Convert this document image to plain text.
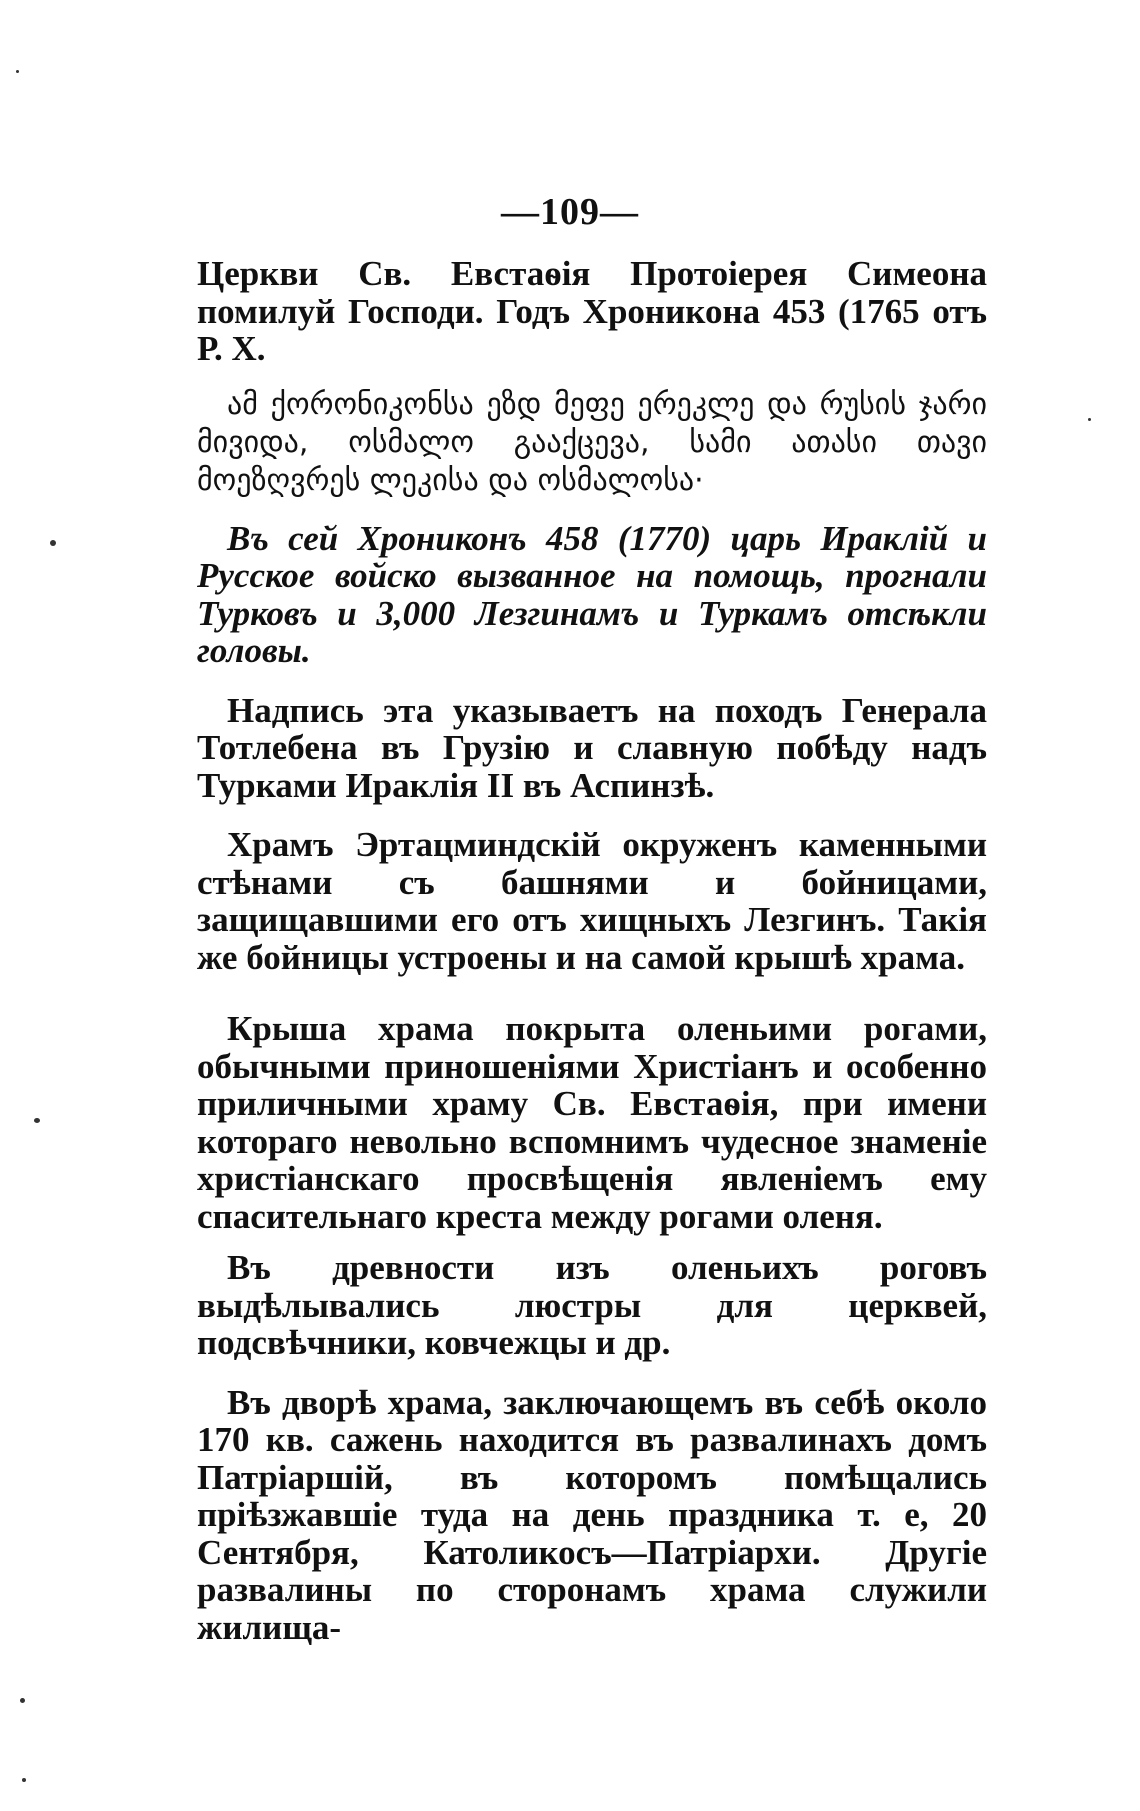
—109—

Церкви Св. Евстаѳія Протоіерея Симеона помилуй Господи. Годъ Хроникона 453 (1765 отъ Р. Х.

ამ ქორონიკონსა ეზდ მეფე ერეკლე და რუსის ჯარი მივიდა, ოსმალო გააქცევა, სამი ათასი თავი მოეზღვრეს ლეკისა და ოსმალოსა·

Въ сей Хрониконъ 458 (1770) царь Ираклій и Русское войско вызванное на помощь, прогнали Турковъ и 3,000 Лезгинамъ и Туркамъ отсѣкли головы.

Надпись эта указываетъ на походъ Генерала Тотлебена въ Грузію и славную побѣду надъ Турками Ираклія II въ Аспинзѣ.

Храмъ Эртацминдскій окруженъ каменными стѣнами съ башнями и бойницами, защищавшими его отъ хищныхъ Лезгинъ. Такія же бойницы устроены и на самой крышѣ храма.

Крыша храма покрыта оленьими рогами, обычными приношеніями Христіанъ и особенно приличными храму Св. Евстаѳія, при имени котораго невольно вспомнимъ чудесное знаменіе христіанскаго просвѣщенія явленіемъ ему спасительнаго креста между рогами оленя.

Въ древности изъ оленьихъ роговъ выдѣлывались люстры для церквей, подсвѣчники, ковчежцы и др.

Въ дворѣ храма, заключающемъ въ себѣ около 170 кв. сажень находится въ развалинахъ домъ Патріаршій, въ которомъ помѣщались пріѣзжавшіе туда на день праздника т. е, 20 Сентября, Католикосъ—Патріархи. Другіе развалины по сторонамъ храма служили жилища-
